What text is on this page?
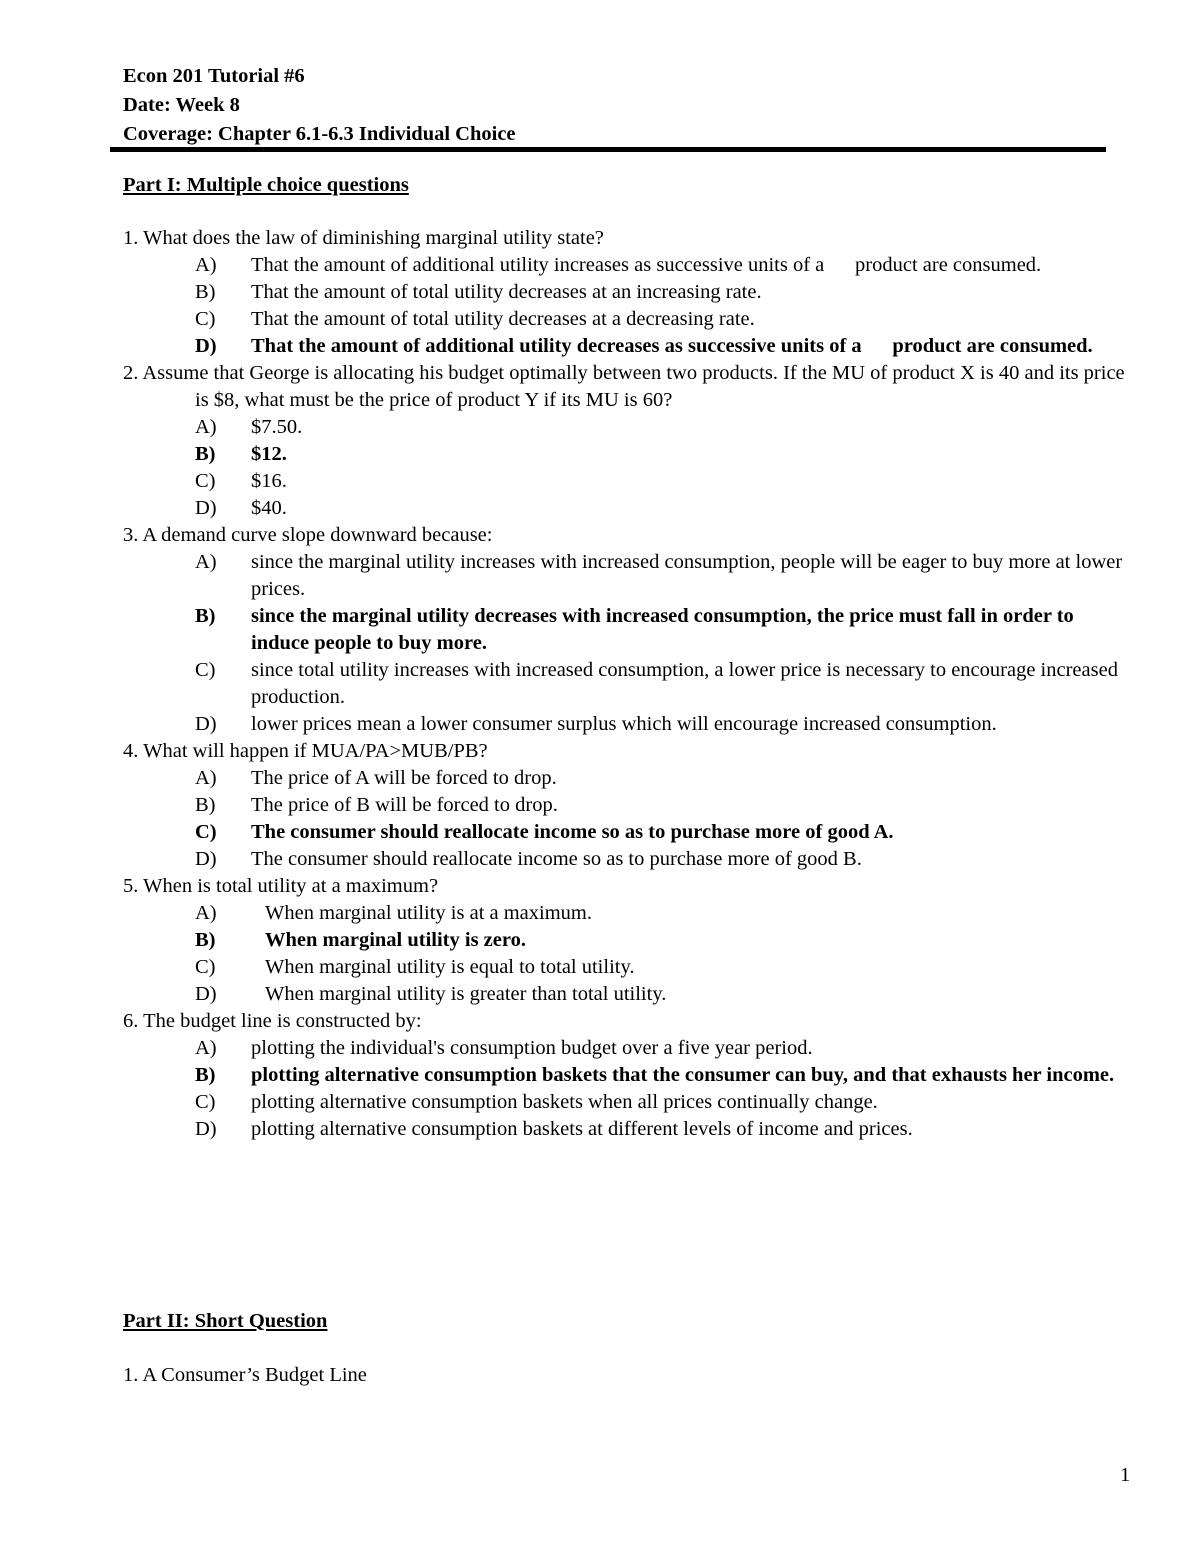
Econ 201 Tutorial #6
Date: Week 8
Coverage: Chapter 6.1-6.3 Individual Choice
Part I: Multiple choice questions
1. What does the law of diminishing marginal utility state?
A) That the amount of additional utility increases as successive units of a      product are consumed.
B) That the amount of total utility decreases at an increasing rate.
C) That the amount of total utility decreases at a decreasing rate.
D) That the amount of additional utility decreases as successive units of a      product are consumed.
2. Assume that George is allocating his budget optimally between two products. If the MU of product X is 40 and its price is $8, what must be the price of product Y if its MU is 60?
A) $7.50.
B) $12.
C) $16.
D) $40.
3. A demand curve slope downward because:
A) since the marginal utility increases with increased consumption, people will be eager to buy more at lower prices.
B) since the marginal utility decreases with increased consumption, the price must fall in order to induce people to buy more.
C) since total utility increases with increased consumption, a lower price is necessary to encourage increased production.
D) lower prices mean a lower consumer surplus which will encourage increased consumption.
4. What will happen if MUA/PA>MUB/PB?
A) The price of A will be forced to drop.
B) The price of B will be forced to drop.
C) The consumer should reallocate income so as to purchase more of good A.
D) The consumer should reallocate income so as to purchase more of good B.
5. When is total utility at a maximum?
A) When marginal utility is at a maximum.
B) When marginal utility is zero.
C) When marginal utility is equal to total utility.
D) When marginal utility is greater than total utility.
6. The budget line is constructed by:
A) plotting the individual's consumption budget over a five year period.
B) plotting alternative consumption baskets that the consumer can buy, and that exhausts her income.
C) plotting alternative consumption baskets when all prices continually change.
D) plotting alternative consumption baskets at different levels of income and prices.
Part II: Short Question
1. A Consumer’s Budget Line
1
